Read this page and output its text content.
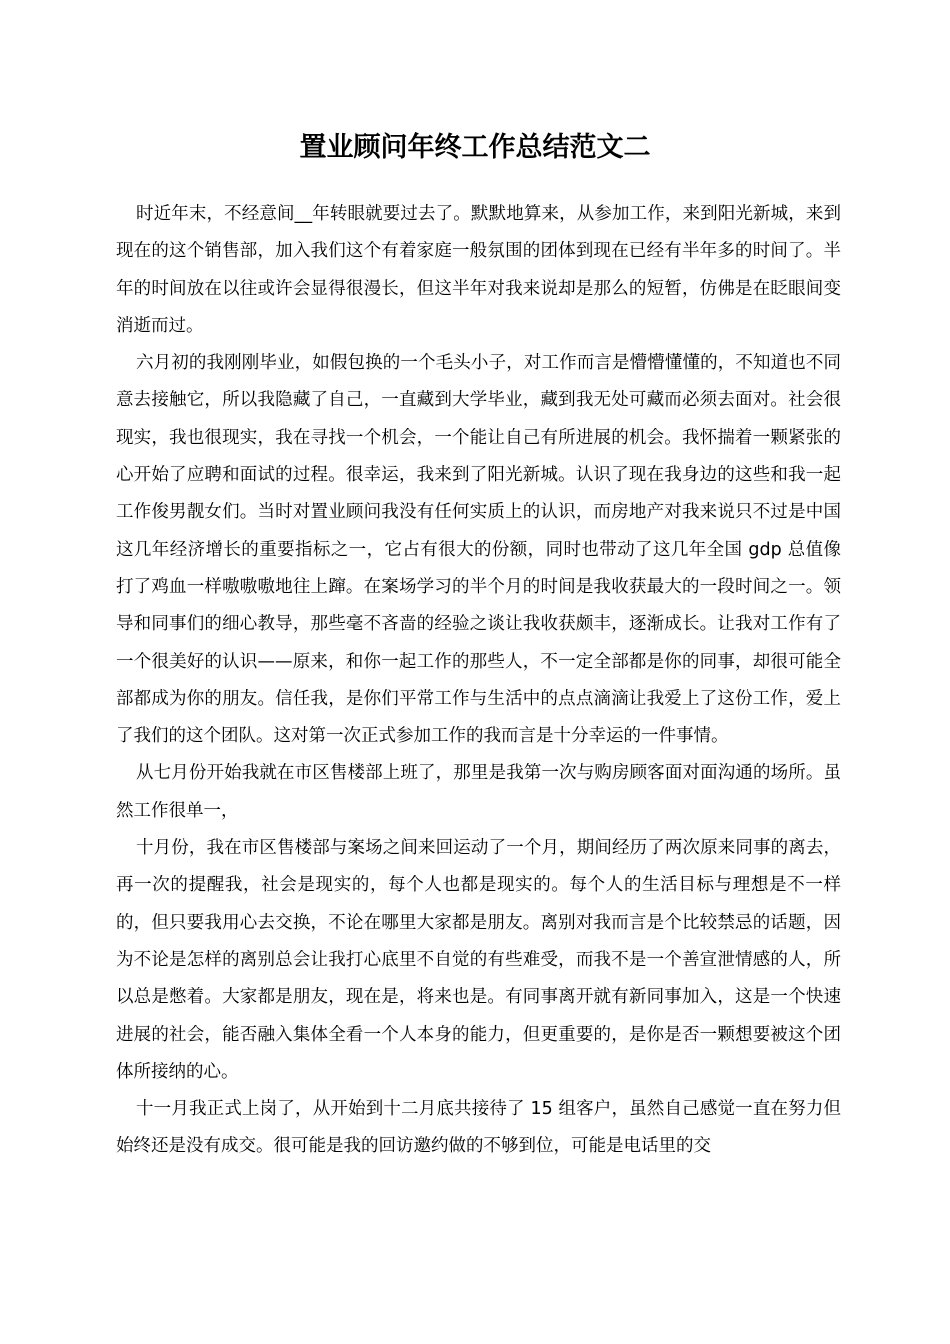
置业顾问年终工作总结范文二

时近年末，不经意间__年转眼就要过去了。默默地算来，从参加工作，来到阳光新城，来到现在的这个销售部，加入我们这个有着家庭一般氛围的团体到现在已经有半年多的时间了。半年的时间放在以往或许会显得很漫长，但这半年对我来说却是那么的短暂，仿佛是在眨眼间变消逝而过。

六月初的我刚刚毕业，如假包换的一个毛头小子，对工作而言是懵懵懂懂的，不知道也不同意去接触它，所以我隐藏了自己，一直藏到大学毕业，藏到我无处可藏而必须去面对。社会很现实，我也很现实，我在寻找一个机会，一个能让自己有所进展的机会。我怀揣着一颗紧张的心开始了应聘和面试的过程。很幸运，我来到了阳光新城。认识了现在我身边的这些和我一起工作俊男靓女们。当时对置业顾问我没有任何实质上的认识，而房地产对我来说只不过是中国这几年经济增长的重要指标之一，它占有很大的份额，同时也带动了这几年全国 gdp 总值像打了鸡血一样嗷嗷嗷地往上蹿。在案场学习的半个月的时间是我收获最大的一段时间之一。领导和同事们的细心教导，那些毫不吝啬的经验之谈让我收获颇丰，逐渐成长。让我对工作有了一个很美好的认识——原来，和你一起工作的那些人，不一定全部都是你的同事，却很可能全部都成为你的朋友。信任我，是你们平常工作与生活中的点点滴滴让我爱上了这份工作，爱上了我们的这个团队。这对第一次正式参加工作的我而言是十分幸运的一件事情。

从七月份开始我就在市区售楼部上班了，那里是我第一次与购房顾客面对面沟通的场所。虽然工作很单一，

十月份，我在市区售楼部与案场之间来回运动了一个月，期间经历了两次原来同事的离去，再一次的提醒我，社会是现实的，每个人也都是现实的。每个人的生活目标与理想是不一样的，但只要我用心去交换，不论在哪里大家都是朋友。离别对我而言是个比较禁忌的话题，因为不论是怎样的离别总会让我打心底里不自觉的有些难受，而我不是一个善宣泄情感的人，所以总是憋着。大家都是朋友，现在是，将来也是。有同事离开就有新同事加入，这是一个快速进展的社会，能否融入集体全看一个人本身的能力，但更重要的，是你是否一颗想要被这个团体所接纳的心。

十一月我正式上岗了，从开始到十二月底共接待了 15 组客户，虽然自己感觉一直在努力但始终还是没有成交。很可能是我的回访邀约做的不够到位，可能是电话里的交
